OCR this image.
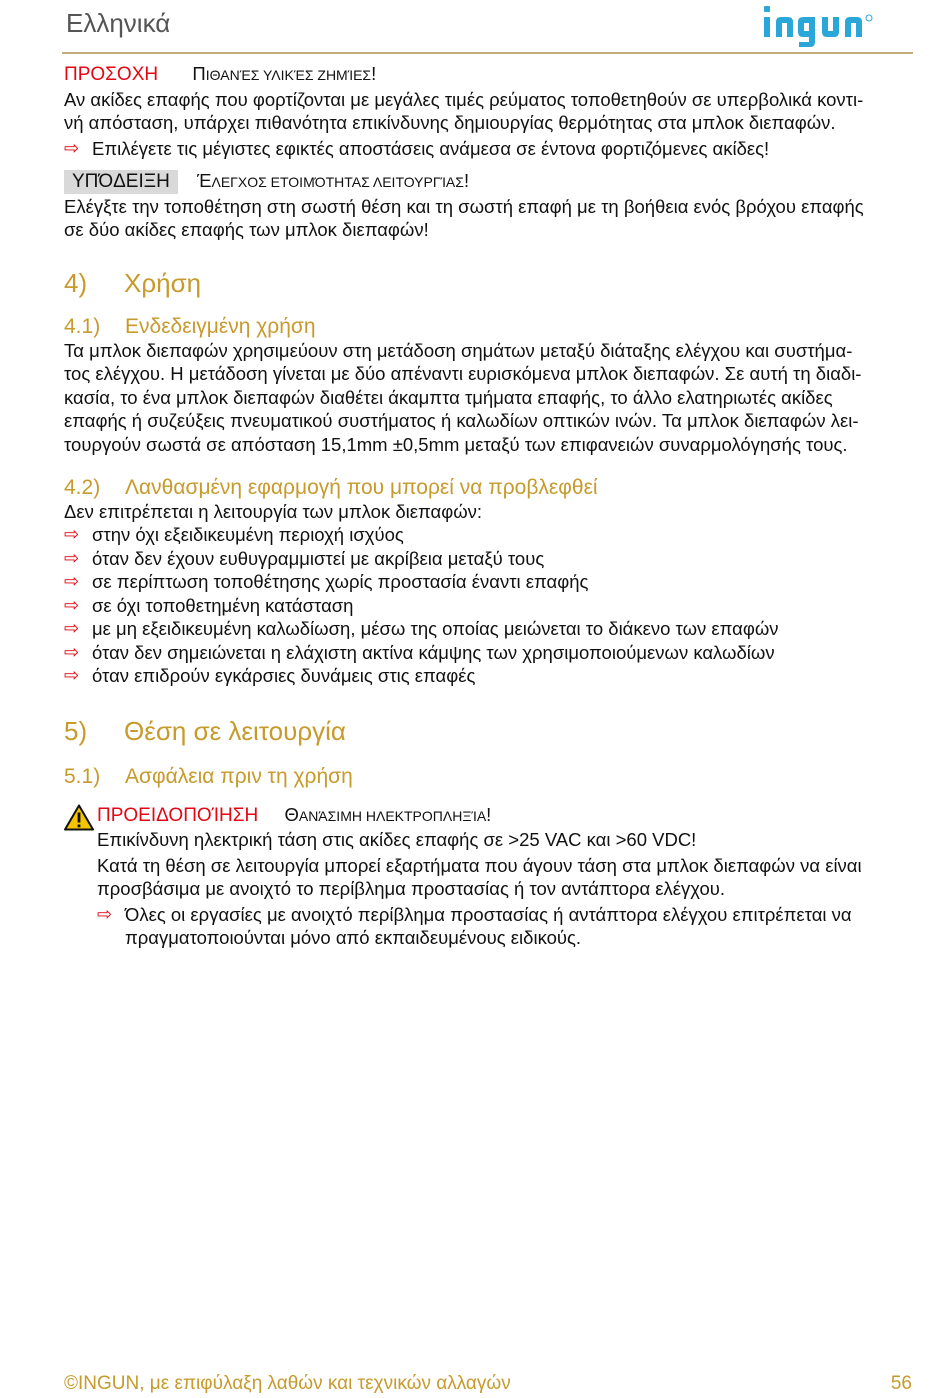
Ελληνικά

ΠΡΟΣΟΧΗ ΠΙΘΑΝΈΣ ΥΛΙΚΈΣ ΖΗΜΊΕΣ!

Αν ακίδες επαφής που φορτίζονται με μεγάλες τιμές ρεύματος τοποθετηθούν σε υπερβολικά κοντι-

νή απόσταση, υπάρχει πιθανότητα επικίνδυνης δημιουργίας θερμότητας στα μπλοκ διεπαφών.

⇨ Επιλέγετε τις μέγιστες εφικτές αποστάσεις ανάμεσα σε έντονα φορτιζόμενες ακίδες!

ΥΠΌΔΕΙΞΗ ΈΛΕΓΧΟΣ ΕΤΟΙΜΌΤΗΤΑΣ ΛΕΙΤΟΥΡΓΊΑΣ!

Ελέγξτε την τοποθέτηση στη σωστή θέση και τη σωστή επαφή με τη βοήθεια ενός βρόχου επαφής

σε δύο ακίδες επαφής των μπλοκ διεπαφών!

4) Χρήση

4.1) Ενδεδειγμένη χρήση

Τα μπλοκ διεπαφών χρησιμεύουν στη μετάδοση σημάτων μεταξύ διάταξης ελέγχου και συστήμα-

τος ελέγχου. Η μετάδοση γίνεται με δύο απέναντι ευρισκόμενα μπλοκ διεπαφών. Σε αυτή τη διαδι-

κασία, το ένα μπλοκ διεπαφών διαθέτει άκαμπτα τμήματα επαφής, το άλλο ελατηριωτές ακίδες

επαφής ή συζεύξεις πνευματικού συστήματος ή καλωδίων οπτικών ινών. Τα μπλοκ διεπαφών λει-

τουργούν σωστά σε απόσταση 15,1mm ±0,5mm μεταξύ των επιφανειών συναρμολόγησής τους.

4.2) Λανθασμένη εφαρμογή που μπορεί να προβλεφθεί

Δεν επιτρέπεται η λειτουργία των μπλοκ διεπαφών:

⇨ στην όχι εξειδικευμένη περιοχή ισχύος

⇨ όταν δεν έχουν ευθυγραμμιστεί με ακρίβεια μεταξύ τους

⇨ σε περίπτωση τοποθέτησης χωρίς προστασία έναντι επαφής

⇨ σε όχι τοποθετημένη κατάσταση

⇨ με μη εξειδικευμένη καλωδίωση, μέσω της οποίας μειώνεται το διάκενο των επαφών

⇨ όταν δεν σημειώνεται η ελάχιστη ακτίνα κάμψης των χρησιμοποιούμενων καλωδίων

⇨ όταν επιδρούν εγκάρσιες δυνάμεις στις επαφές

5) Θέση σε λειτουργία

5.1) Ασφάλεια πριν τη χρήση

ΠΡΟΕΙΔΟΠΟΊΗΣΗ ΘΑΝΆΣΙΜΗ ΗΛΕΚΤΡΟΠΛΗΞΊΑ!

Επικίνδυνη ηλεκτρική τάση στις ακίδες επαφής σε >25 VAC και >60 VDC!

Κατά τη θέση σε λειτουργία μπορεί εξαρτήματα που άγουν τάση στα μπλοκ διεπαφών να είναι

προσβάσιμα με ανοιχτό το περίβλημα προστασίας ή τον αντάπτορα ελέγχου.

⇨ Όλες οι εργασίες με ανοιχτό περίβλημα προστασίας ή αντάπτορα ελέγχου επιτρέπεται να

πραγματοποιούνται μόνο από εκπαιδευμένους ειδικούς.

©INGUN, με επιφύλαξη λαθών και τεχνικών αλλαγών	56
